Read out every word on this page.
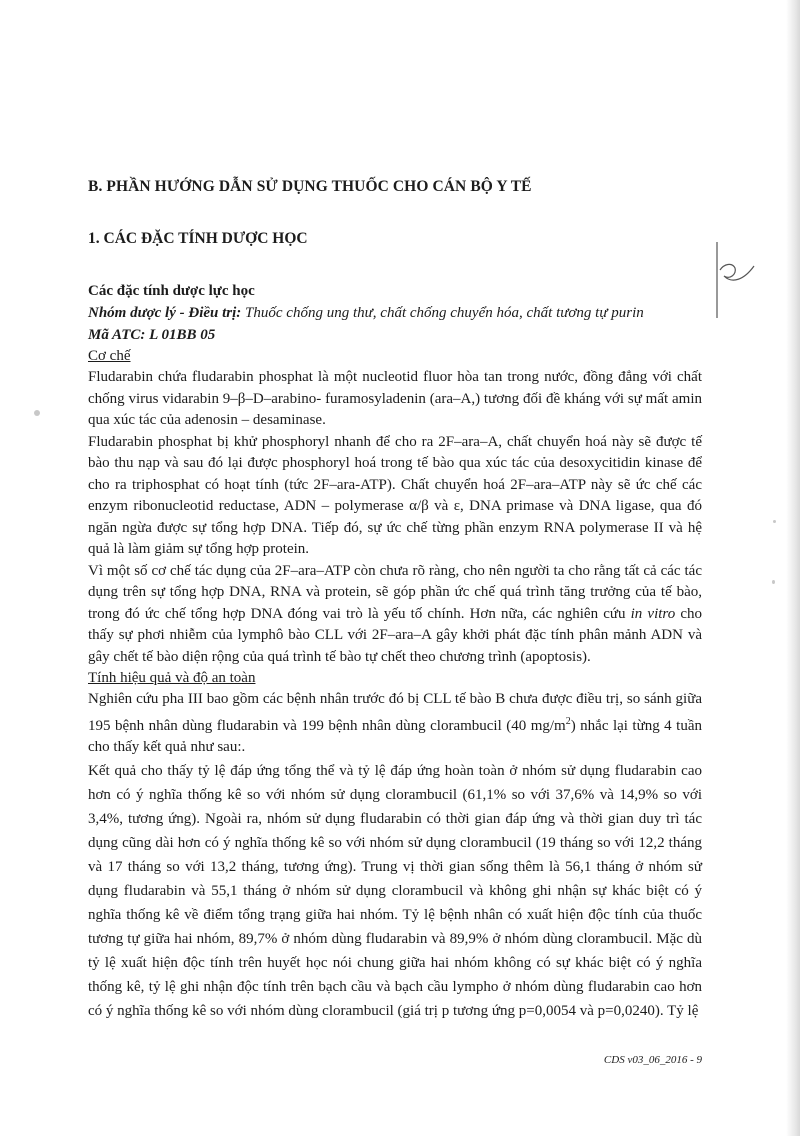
B. PHẦN HƯỚNG DẪN SỬ DỤNG THUỐC CHO CÁN BỘ Y TẾ

1. CÁC ĐẶC TÍNH DƯỢC HỌC

Các đặc tính dược lực học

Nhóm dược lý - Điều trị: Thuốc chống ung thư, chất chống chuyển hóa, chất tương tự purin

Mã ATC: L 01BB 05

Cơ chế

Fludarabin chứa fludarabin phosphat là một nucleotid fluor hòa tan trong nước, đồng đẳng với chất chống virus vidarabin 9–β–D–arabino- furamosyladenin (ara–A,) tương đối đề kháng với sự mất amin qua xúc tác của adenosin – desaminase.

Fludarabin phosphat bị khử phosphoryl nhanh để cho ra 2F–ara–A, chất chuyển hoá này sẽ được tế bào thu nạp và sau đó lại được phosphoryl hoá trong tế bào qua xúc tác của desoxycitidin kinase để cho ra triphosphat có hoạt tính (tức 2F–ara-ATP). Chất chuyển hoá 2F–ara–ATP này sẽ ức chế các enzym ribonucleotid reductase, ADN – polymerase α/β và ε, DNA primase và DNA ligase, qua đó ngăn ngừa được sự tổng hợp DNA. Tiếp đó, sự ức chế từng phần enzym RNA polymerase II và hệ quả là làm giảm sự tổng hợp protein.

Vì một số cơ chế tác dụng của 2F–ara–ATP còn chưa rõ ràng, cho nên người ta cho rằng tất cả các tác dụng trên sự tổng hợp DNA, RNA và protein, sẽ góp phần ức chế quá trình tăng trưởng của tế bào, trong đó ức chế tổng hợp DNA đóng vai trò là yếu tố chính. Hơn nữa, các nghiên cứu in vitro cho thấy sự phơi nhiễm của lymphô bào CLL với 2F–ara–A gây khởi phát đặc tính phân mảnh ADN và gây chết tế bào diện rộng của quá trình tế bào tự chết theo chương trình (apoptosis).

Tính hiệu quả và độ an toàn

Nghiên cứu pha III bao gồm các bệnh nhân trước đó bị CLL tế bào B chưa được điều trị, so sánh giữa 195 bệnh nhân dùng fludarabin và 199 bệnh nhân dùng clorambucil (40 $mg/m^2$) nhắc lại từng 4 tuần cho thấy kết quả như sau:.

Kết quả cho thấy tỷ lệ đáp ứng tổng thể và tỷ lệ đáp ứng hoàn toàn ở nhóm sử dụng fludarabin cao hơn có ý nghĩa thống kê so với nhóm sử dụng clorambucil (61,1% so với 37,6% và 14,9% so với 3,4%, tương ứng). Ngoài ra, nhóm sử dụng fludarabin có thời gian đáp ứng và thời gian duy trì tác dụng cũng dài hơn có ý nghĩa thống kê so với nhóm sử dụng clorambucil (19 tháng so với 12,2 tháng và 17 tháng so với 13,2 tháng, tương ứng). Trung vị thời gian sống thêm là 56,1 tháng ở nhóm sử dụng fludarabin và 55,1 tháng ở nhóm sử dụng clorambucil và không ghi nhận sự khác biệt có ý nghĩa thống kê về điểm tổng trạng giữa hai nhóm. Tỷ lệ bệnh nhân có xuất hiện độc tính của thuốc tương tự giữa hai nhóm, 89,7% ở nhóm dùng fludarabin và 89,9% ở nhóm dùng clorambucil. Mặc dù tỷ lệ xuất hiện độc tính trên huyết học nói chung giữa hai nhóm không có sự khác biệt có ý nghĩa thống kê, tỷ lệ ghi nhận độc tính trên bạch cầu và bạch cầu lympho ở nhóm dùng fludarabin cao hơn có ý nghĩa thống kê so với nhóm dùng clorambucil (giá trị p tương ứng p=0,0054 và p=0,0240). Tỷ lệ

CDS v03_06_2016 - 9
